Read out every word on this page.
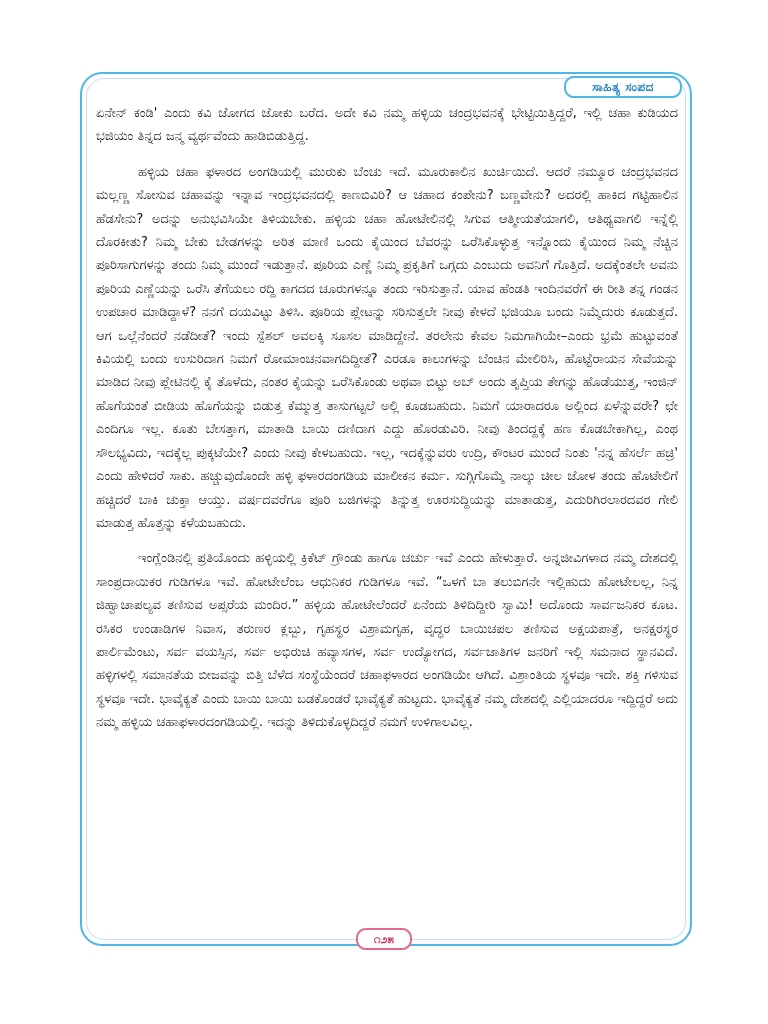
ಸಾಹಿತ್ಯ ಸಂಪದ

ಏನೇನ್ ಕಂಡಿ' ಎಂದು ಕವಿ ಜೋಗದ ಜೋಕು ಬರೆದ. ಅದೇ ಕವಿ ನಮ್ಮ ಹಳ್ಳಿಯ ಚಂದ್ರಭವನಕ್ಕೆ ಭೇಟ್ಟಿಯಿತ್ತಿದ್ದರೆ, ಇಲ್ಲಿ ಚಹಾ ಕುಡಿಯದ ಭಜಿಯಂ ತಿನ್ನದ ಜನ್ಮ ವ್ಯರ್ಥವೆಂದು ಹಾಡಿಬಿಡುತ್ತಿದ್ದ.

ಹಳ್ಳಿಯ ಚಹಾ ಫಳಾರದ ಅಂಗಡಿಯಲ್ಲಿ ಮುರುಕು ಬೆಂಚು ಇದೆ. ಮೂರುಕಾಲಿನ ಖುರ್ಚಿಯಿದೆ. ಆದರೆ ನಮ್ಮೂರ ಚಂದ್ರಭವನದ ಮಲ್ಲಣ್ಣ ಸೋಸುವ ಚಹಾವನ್ನು ಇನ್ನಾವ ಇಂದ್ರಭವನದಲ್ಲಿ ಕಾಣಬಿವಿರಿ? ಆ ಚಹಾದ ಕಂಪೇನು? ಬಣ್ಣವೇನು? ಅದರಲ್ಲಿ ಹಾಕಿದ ಗಟ್ಟಿಹಾಲಿನ ಹೆಡಸೇನು? ಅದನ್ನು ಅನುಭವಿಸಿಯೇ ತಿಳಿಯಬೇಕು. ಹಳ್ಳಿಯ ಚಹಾ ಹೋಟೇಲಿನಲ್ಲಿ ಸಿಗುವ ಆತ್ಮೀಯತೆಯಾಗಲಿ, ಆತಿಥ್ಯವಾಗಲಿ ಇನ್ನೆಲ್ಲಿ ದೊರಕೀತು? ನಿಮ್ಮ ಬೇಕು ಬೇಡಗಳನ್ನು ಅರಿತ ಮಾಣಿ ಒಂದು ಕೈಯಿಂದ ಬೆವರನ್ನು ಒರೆಸಿಕೊಳ್ಳುತ್ತ ಇನ್ನೊಂದು ಕೈಯಿಂದ ನಿಮ್ಮ ನೆಚ್ಚಿನ ಪೂರಿಸಾಗುಗಳನ್ನು ತಂದು ನಿಮ್ಮ ಮುಂದೆ ಇಡುತ್ತಾನೆ. ಪೂರಿಯ ಎಣ್ಣೆ ನಿಮ್ಮ ಪ್ರಕೃತಿಗೆ ಒಗ್ಗದು ಎಂಬುದು ಅವನಿಗೆ ಗೊತ್ತಿದೆ. ಅದಕ್ಕೆಂತಲೇ ಅವನು ಪೂರಿಯ ಎಣ್ಣೆಯನ್ನು ಒರೆಸಿ ತೆಗೆಯಲು ರದ್ದಿ ಕಾಗದದ ಚೂರುಗಳನ್ನೂ ತಂದು ಇರಿಸುತ್ತಾನೆ. ಯಾವ ಹೆಂಡತಿ ಇಂದಿನವರೆಗೆ ಈ ರೀತಿ ತನ್ನ ಗಂಡನ ಉಪಚಾರ ಮಾಡಿದ್ದಾಳೆ? ನನಗೆ ದಯವಿಟ್ಟು ತಿಳಿಸಿ. ಪೂರಿಯ ಪ್ಲೇಟನ್ನು ಸರಿಸುತ್ತಲೇ ನೀವು ಕೇಳದೆ ಭಜಿಯೂ ಬಂದು ನಿಮ್ಮೆದುರು ಕೂಡುತ್ತದೆ. ಆಗ ಒಲ್ಲೆನೆಂದರೆ ನಡೆದೀತೆ? ಇಂದು ಸ್ಪೆಶಲ್ ಅವಲಕ್ಕಿ ಸೂಸಲ ಮಾಡಿದ್ದೇನೆ. ತರಲೇನು ಕೇವಲ ನಿಮಗಾಗಿಯೇ–ಎಂದು ಭ್ರಮೆ ಹುಟ್ಟುವಂತೆ ಕಿವಿಯಲ್ಲಿ ಬಂದು ಉಸುರಿದಾಗ ನಿಮಗೆ ರೋಮಾಂಚನವಾಗದಿದ್ದೀತೆ? ಎರಡೂ ಕಾಲುಗಳನ್ನು ಬೆಂಚಿನ ಮೇಲಿರಿಸಿ, ಹೊಟ್ಟೆರಾಯನ ಸೇವೆಯನ್ನು ಮಾಡಿದ ನೀವು ಪ್ಲೇಟಿನಲ್ಲಿ ಕೈ ತೊಳೆದು, ನಂತರ ಕೈಯನ್ನು ಒರೆಸಿಕೊಂಡು ಅಥವಾ ಬಿಟ್ಟು ಅಬ್ ಅಂದು ತೃಪ್ತಿಯ ತೇಗನ್ನು ಹೊಡೆಯುತ್ತ, ಇಂಜಿನ್ ಹೊಗೆಯಂತೆ ಬೀಡಿಯ ಹೊಗೆಯನ್ನು ಬಿಡುತ್ತ ಕೆಮ್ಮುತ್ತ ತಾಸುಗಟ್ಟಲೆ ಅಲ್ಲಿ ಕೂಡಬಹುದು. ನಿಮಗೆ ಯಾರಾದರೂ ಅಲ್ಲಿಂದ ಏಳೆನ್ನುವರೇ? ಛೇ ಎಂದಿಗೂ ಇಲ್ಲ. ಕೂತು ಬೇಸತ್ತಾಗ, ಮಾತಾಡಿ ಬಾಯಿ ದಣಿದಾಗ ಎದ್ದು ಹೊರಡುವಿರಿ. ನೀವು ತಿಂದದ್ದಕ್ಕೆ ಹಣ ಕೊಡಬೇಕಾಗಿಲ್ಲ, ಎಂಥ ಸೌಲಭ್ಯವಿದು, ಇದಕ್ಕೆಲ್ಲ ಪುಕ್ಕಟೆಯೇ? ಎಂದು ನೀವು ಕೇಳಬಹುದು. ಇಲ್ಲ, ಇದಕ್ಕೆನ್ನುವರು ಉದ್ರಿ, ಕೌಂಟರ ಮುಂದೆ ನಿಂತು 'ನನ್ನ ಹೆಸರ್ಲೆ ಹಚ್ರಿ' ಎಂದು ಹೇಳಿದರೆ ಸಾಕು. ಹಚ್ಚುವುದೊಂದೇ ಹಳ್ಳಿ ಫಳಾರದಂಗಡಿಯ ಮಾಲೀಕನ ಕರ್ಮ. ಸುಗ್ಗಿಗೊಮ್ಮೆ ನಾಲ್ಕು ಚೀಲ ಜೋಳ ತಂದು ಹೊಟೇಲಿಗೆ ಹಚ್ಚಿದರೆ ಬಾಕಿ ಚುಕ್ತಾ ಆಯ್ತು. ವರ್ಷದವರೆಗೂ ಪೂರಿ ಬಜಿಗಳನ್ನು ತಿನ್ನುತ್ತ ಊರಸುದ್ದಿಯನ್ನು ಮಾತಾಡುತ್ತ, ಎದುರಿಗಿರಲಾರದವರ ಗೇಲಿ ಮಾಡುತ್ತ ಹೊತ್ತನ್ನು ಕಳೆಯಬಹುದು.

ಇಂಗ್ಲೆಂಡಿನಲ್ಲಿ ಪ್ರತಿಯೊಂದು ಹಳ್ಳಿಯಲ್ಲಿ ಕ್ರಿಕೆಟ್ ಗ್ರೌಂಡು ಹಾಗೂ ಚರ್ಚು ಇವೆ ಎಂದು ಹೇಳುತ್ತಾರೆ. ಅನ್ನಜೀವಿಗಳಾದ ನಮ್ಮ ದೇಶದಲ್ಲಿ ಸಾಂಪ್ರದಾಯಿಕರ ಗುಡಿಗಳೂ ಇವೆ. ಹೋಟೇಲೆಂಬ ಆಧುನಿಕರ ಗುಡಿಗಳೂ ಇವೆ. “ಒಳಗೆ ಬಾ ತಲುಬಿಗನೇ ಇಲ್ಲಿಹುದು ಹೋಟೇಲಲ್ಲ, ನಿನ್ನ ಜಿಹ್ವಾಚಾಪಲ್ಯವ ತಣಿಸುವ ಅಪ್ಸರೆಯ ಮಂದಿರ.” ಹಳ್ಳಿಯ ಹೋಟೇಲೆಂದರೆ ಏನೆಂದು ತಿಳಿದಿದ್ದೀರಿ ಸ್ವಾಮಿ! ಅದೊಂದು ಸಾರ್ವಜನಿಕರ ಕೂಟ. ರಸಿಕರ ಉಂಡಾಡಿಗಳ ನಿವಾಸ, ತರುಣರ ಕ್ಲಬ್ಬು, ಗೃಹಸ್ಥರ ವಿಶ್ರಾಮಗೃಹ, ವೃದ್ಧರ ಬಾಯಿಚಪಲ ತಣಿಸುವ ಅಕ್ಷಯಪಾತ್ರೆ, ಅನಕ್ಷರಸ್ಥರ ಪಾರ್ಲಿಮೆಂಟು, ಸರ್ವ ವಯಸ್ಸಿನ, ಸರ್ವ ಅಭಿರುಚಿ ಹವ್ಯಾಸಗಳ, ಸರ್ವ ಉದ್ಯೋಗದ, ಸರ್ವಜಾತಿಗಳ ಜನರಿಗೆ ಇಲ್ಲಿ ಸಮನಾದ ಸ್ಥಾನವಿದೆ. ಹಳ್ಳಿಗಳಲ್ಲಿ ಸಮಾನತೆಯ ಬೀಜವನ್ನು ಬಿತ್ತಿ ಬೆಳೆದ ಸಂಸ್ಥೆಯೆಂದರೆ ಚಹಾಫಳಾರದ ಅಂಗಡಿಯೇ ಆಗಿದೆ. ವಿಶ್ರಾಂತಿಯ ಸ್ಥಳವೂ ಇದೇ. ಶಕ್ತಿ ಗಳಿಸುವ ಸ್ಥಳವೂ ಇದೇ. ಭಾವೈಕ್ಯತೆ ಎಂದು ಬಾಯಿ ಬಾಯಿ ಬಡಕೊಂಡರೆ ಭಾವೈಕ್ಯತೆ ಹುಟ್ಟದು. ಭಾವೈಕ್ಯತೆ ನಮ್ಮ ದೇಶದಲ್ಲಿ ಎಲ್ಲಿಯಾದರೂ ಇದ್ದಿದ್ದರೆ ಅದು ನಮ್ಮ ಹಳ್ಳಿಯ ಚಹಾಫಳಾರದಂಗಡಿಯಲ್ಲಿ. ಇದನ್ನು ತಿಳಿದುಕೊಳ್ಳದಿದ್ದರೆ ನಮಗೆ ಉಳಿಗಾಲವಿಲ್ಲ.

೧೨೫
